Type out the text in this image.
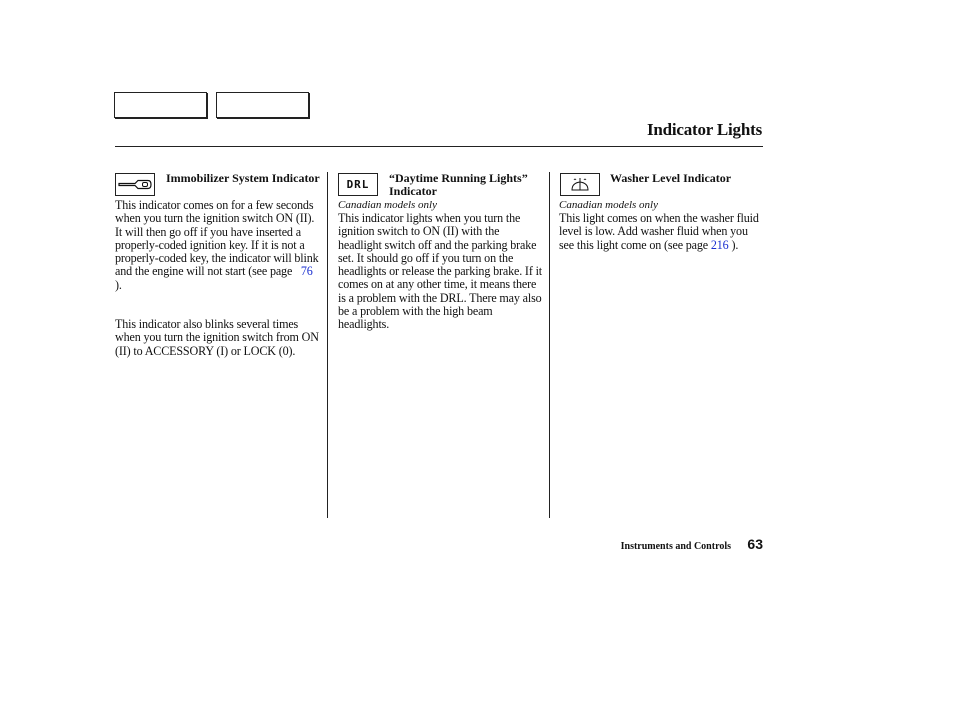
Indicator Lights
Immobilizer System Indicator

This indicator comes on for a few seconds when you turn the ignition switch ON (II). It will then go off if you have inserted a properly-coded ignition key. If it is not a properly-coded key, the indicator will blink and the engine will not start (see page 76   ).

This indicator also blinks several times when you turn the ignition switch from ON (II) to ACCESSORY (I) or LOCK (0).

DRL “Daytime Running Lights” Indicator
Canadian models only

This indicator lights when you turn the ignition switch to ON (II) with the headlight switch off and the parking brake set. It should go off if you turn on the headlights or release the parking brake. If it comes on at any other time, it means there is a problem with the DRL. There may also be a problem with the high beam headlights.

Washer Level Indicator
Canadian models only

This light comes on when the washer fluid level is low. Add washer fluid when you see this light come on (see page 216 ).

Instruments and Controls 63
